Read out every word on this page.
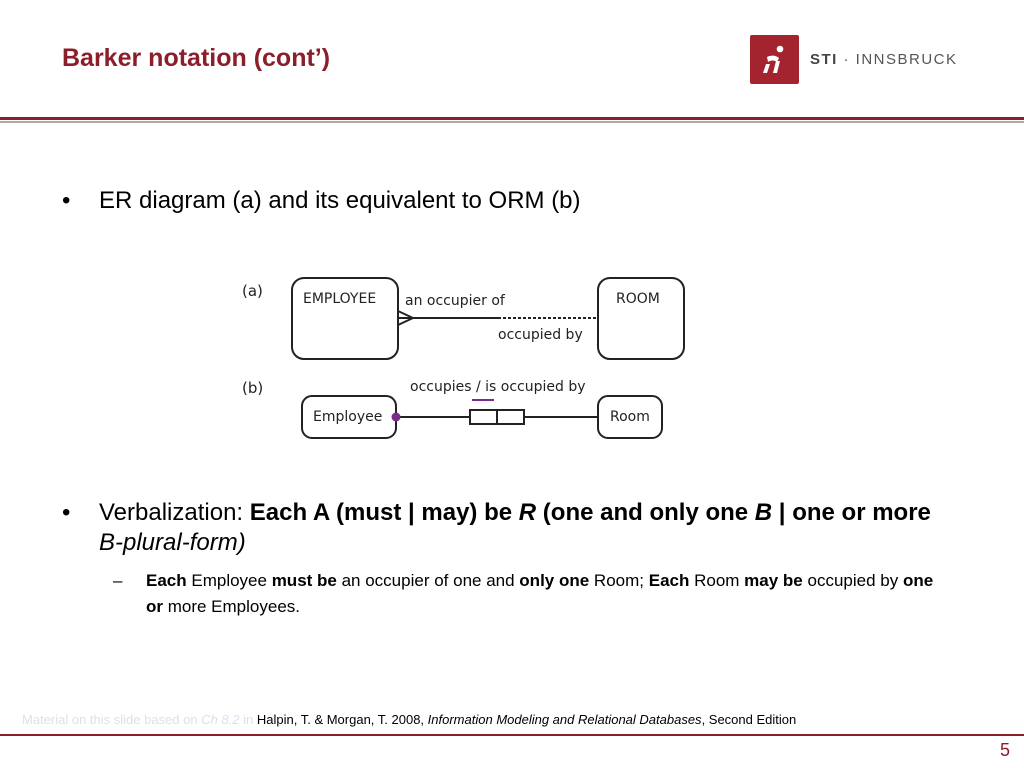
Barker notation (cont’)	STI · INNSBRUCK
• ER diagram (a) and its equivalent to ORM (b)
(a)	EMPLOYEE	ROOM
an occupier of
occupied by
(b)	occupies / is occupied by
Employee	Room
• Verbalization: Each A (must | may) be R (one and only one B | one or more B-plural-form)
– Each Employee must be an occupier of one and only one Room; Each Room may be occupied by one or more Employees.
Material on this slide based on Ch 8.2 in Halpin, T. & Morgan, T. 2008, Information Modeling and Relational Databases, Second Edition
5
